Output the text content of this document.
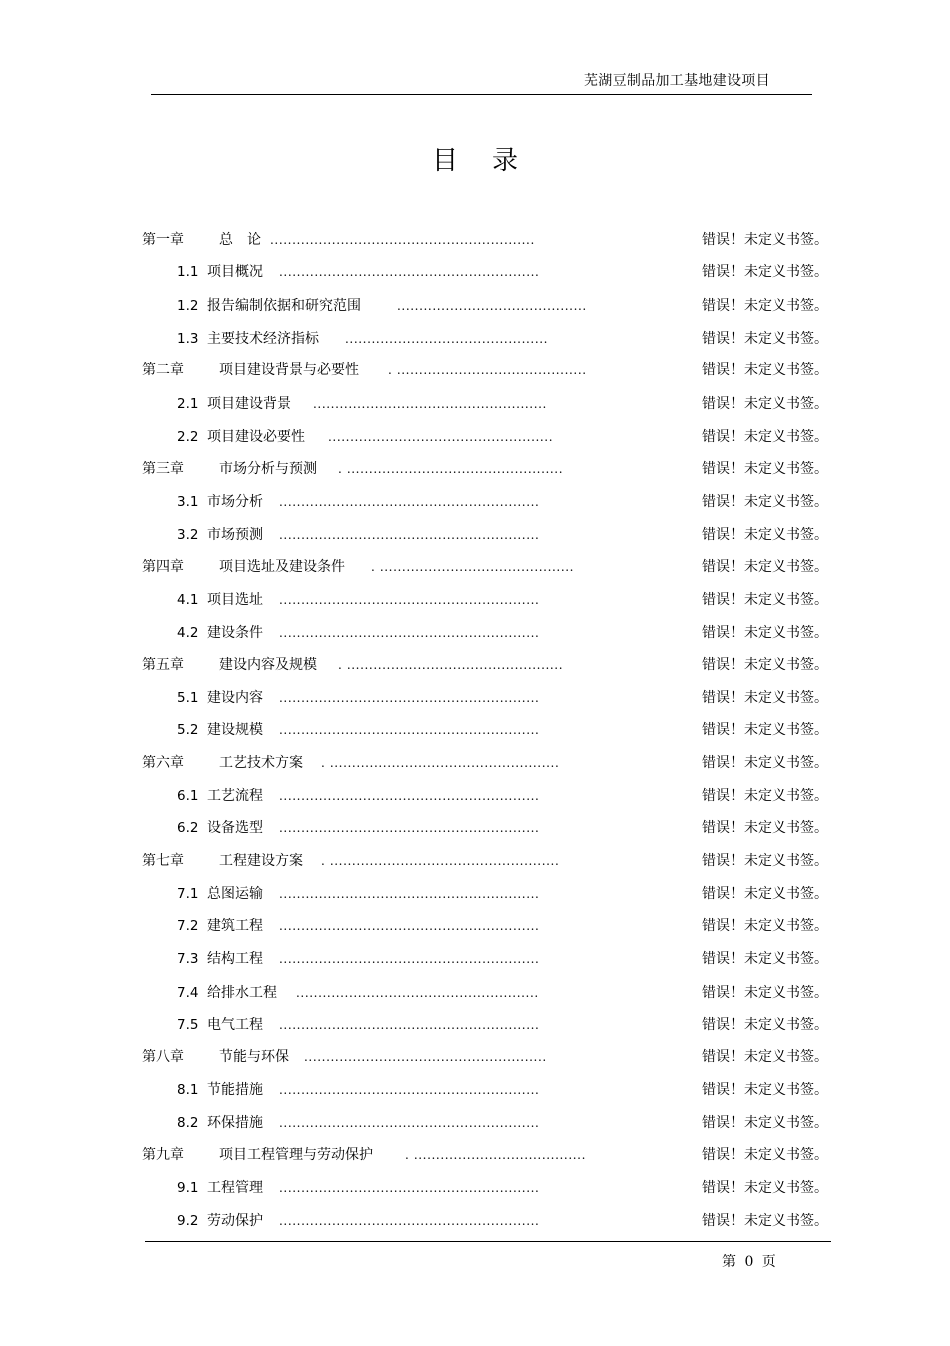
芜湖豆制品加工基地建设项目
目录
第一章	总　论 ............................................................	错误！未定义书签。
1.1 项目概况 ...........................................................	错误！未定义书签。
1.2 报告编制依据和研究范围	...........................................	错误！未定义书签。
1.3 主要技术经济指标 ..............................................	错误！未定义书签。
第二章	项目建设背景与必要性 . ...........................................	错误！未定义书签。
2.1 项目建设背景 .....................................................	错误！未定义书签。
2.2 项目建设必要性 ...................................................	错误！未定义书签。
第三章	市场分析与预测 . .................................................	错误！未定义书签。
3.1 市场分析 ...........................................................	错误！未定义书签。
3.2 市场预测 ...........................................................	错误！未定义书签。
第四章	项目选址及建设条件 . ............................................	错误！未定义书签。
4.1 项目选址 ...........................................................	错误！未定义书签。
4.2 建设条件 ...........................................................	错误！未定义书签。
第五章	建设内容及规模 . .................................................	错误！未定义书签。
5.1 建设内容 ...........................................................	错误！未定义书签。
5.2 建设规模 ...........................................................	错误！未定义书签。
第六章	工艺技术方案 . ....................................................	错误！未定义书签。
6.1 工艺流程 ...........................................................	错误！未定义书签。
6.2 设备选型 ...........................................................	错误！未定义书签。
第七章	工程建设方案 . ....................................................	错误！未定义书签。
7.1 总图运输 ...........................................................	错误！未定义书签。
7.2 建筑工程 ...........................................................	错误！未定义书签。
7.3 结构工程 ...........................................................	错误！未定义书签。
7.4 给排水工程 .......................................................	错误！未定义书签。
7.5 电气工程 ...........................................................	错误！未定义书签。
第八章	节能与环保 .......................................................	错误！未定义书签。
8.1 节能措施 ...........................................................	错误！未定义书签。
8.2 环保措施 ...........................................................	错误！未定义书签。
第九章	项目工程管理与劳动保护	. .......................................	错误！未定义书签。
9.1 工程管理 ...........................................................	错误！未定义书签。
9.2 劳动保护 ...........................................................	错误！未定义书签。
第 0 页
